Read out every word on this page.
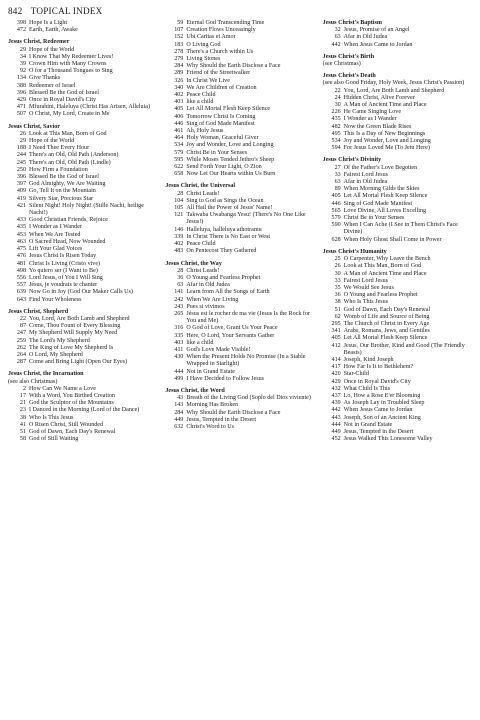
842 TOPICAL INDEX
398 Hope Is a Light
472 Earth, Earth, Awake
Jesus Christ, Redeemer
29 Hope of the World
34 I Know That My Redeemer Lives!
39 Crown Him with Many Crowns
92 O for a Thousand Tongues to Sing
134 Give Thanks
388 Redeemer of Israel
396 Blessed Be the God of Israel
429 Once in Royal David's City
471 Mfurahini, Haleluya (Christ Has Arisen, Alleluia)
507 O Christ, My Lord, Create in Me
Jesus Christ, Savior
26 Look at This Man, Born of God
29 Hope of the World
188 I Need Thee Every Hour
244 There's an Old, Old Path (Anderson)
245 There's an Old, Old Path (Lindle)
250 How Firm a Foundation
396 Blessed Be the God of Israel
397 God Almighty, We Are Waiting
409 Go, Tell It on the Mountain
419 Silvery Star, Precious Star
421 Silent Night! Holy Night! (Stille Nacht, heilige Nacht!)
433 Good Christian Friends, Rejoice
435 I Wonder as I Wander
453 When We Are Tested
463 O Sacred Head, Now Wounded
475 Lift Your Glad Voices
476 Jesus Christ Is Risen Today
481 Christ Is Living (Cristo vive)
498 Yo quiero ser (I Want to Be)
556 Lord Jesus, of You I Will Sing
557 Jésus, je voudrais te chanter
639 Now Go in Joy (God Our Maker Calls Us)
643 Find Your Wholeness
Jesus Christ, Shepherd
22 You, Lord, Are Both Lamb and Shepherd
87 Come, Thou Fount of Every Blessing
247 My Shepherd Will Supply My Need
259 The Lord's My Shepherd
262 The King of Love My Shepherd Is
264 O Lord, My Shepherd
287 Come and Bring Light (Open Our Eyes)
Jesus Christ, the Incarnation
(see also Christmas)
2 How Can We Name a Love
17 With a Word, You Birthed Creation
21 God the Sculptor of the Mountains
23 I Danced in the Morning (Lord of the Dance)
38 Who Is This Jesus
41 O Risen Christ, Still Wounded
51 God of Dawn, Each Day's Renewal
58 God of Still Waiting
59 Eternal God Transcending Time
107 Creation Flows Unceasingly
152 Ubi Caritas et Amor
183 O Living God
278 There's a Church within Us
279 Living Stones
284 Why Should the Earth Disclose a Face
289 Friend of the Streetwalker
326 In Christ We Live
340 We Are Children of Creation
402 Peace Child
403 like a child
405 Let All Mortal Flesh Keep Silence
406 Tomorrow Christ Is Coming
446 Sing of God Made Manifest
461 Ah, Holy Jesus
464 Holy Woman, Graceful Giver
534 Joy and Wonder, Love and Longing
579 Christ Be in Your Senses
595 While Moses Tended Jethro's Sheep
622 Send Forth Your Light, O Zion
658 Now Let Our Hearts within Us Burn
Jesus Christ, the Universal
28 Christ Leads!
104 Sing to God as Sings the Ocean
105 All Hail the Power of Jesus' Name!
121 Takwaba Uwabanga Yesu! (There's No One Like Jesus!)
146 Halleluya, halleluya athotramu
339 In Christ There is No East or West
402 Peace Child
483 On Pentecost They Gathered
Jesus Christ, the Way
28 Christ Leads!
36 O Young and Fearless Prophet
63 Afar in Old Judea
141 Learn from All the Songs of Earth
242 When We Are Living
243 Pues si vivimos
265 Jésus est le rocher de ma vie (Jesus Is the Rock for You and Me)
316 O God of Love, Grant Us Your Peace
335 Here, O Lord, Your Servants Gather
403 like a child
411 God's Love Made Visible!
430 When the Present Holds No Promise (In a Stable Wrapped in Starlight)
444 Not in Grand Estate
499 I Have Decided to Follow Jesus
Jesus Christ, the Word
43 Breath of the Living God (Soplo del Dios viviente)
143 Morning Has Broken
284 Why Should the Earth Disclose a Face
449 Jesus, Tempted in the Desert
632 Christ's Word to Us
Jesus Christ's Baptism
32 Jesus, Promise of an Angel
63 Afar in Old Judea
442 When Jesus Came to Jordan
Jesus Christ's Birth
(see Christmas)
Jesus Christ's Death
(see also Good Friday, Holy Week, Jesus Christ's Passion)
22 You, Lord, Are Both Lamb and Shepherd
24 Hidden Christ, Alive Forever
30 A Man of Ancient Time and Place
226 He Came Singing Love
435 I Wonder as I Wander
482 Now the Green Blade Rises
495 This Is a Day of New Beginnings
534 Joy and Wonder, Love and Longing
594 For Jesus Loved Me (To Jetu Here)
Jesus Christ's Divinity
27 Of the Father's Love Begotten
33 Fairest Lord Jesus
63 Afar in Old Judea
89 When Morning Gilds the Skies
405 Let All Mortal Flesh Keep Silence
446 Sing of God Made Manifest
565 Love Divine, All Loves Excelling
579 Christ Be in Your Senses
590 When I Can Ache (I See in Them Christ's Face Divine)
628 When Holy Ghost Shall Come in Power
Jesus Christ's Humanity
25 O Carpenter, Why Leave the Bench
26 Look at This Man, Born of God
30 A Man of Ancient Time and Place
33 Fairest Lord Jesus
35 We Would See Jesus
36 O Young and Fearless Prophet
38 Who Is This Jesus
51 God of Dawn, Each Day's Renewal
62 Womb of Life and Source of Being
295 The Church of Christ in Every Age
341 Arabs, Romans, Jews, and Gentiles
405 Let All Mortal Flesh Keep Silence
412 Jesus, Our Brother, Kind and Good (The Friendly Beasts)
414 Joseph, Kind Joseph
417 How Far Is It to Bethlehem?
420 Star-Child
429 Once in Royal David's City
432 What Child Is This
437 Lo, How a Rose E'er Blooming
439 As Joseph Lay in Troubled Sleep
442 When Jesus Came to Jordan
443 Joseph, Son of an Ancient King
444 Not in Grand Estate
449 Jesus, Tempted in the Desert
452 Jesus Walked This Lonesome Valley
